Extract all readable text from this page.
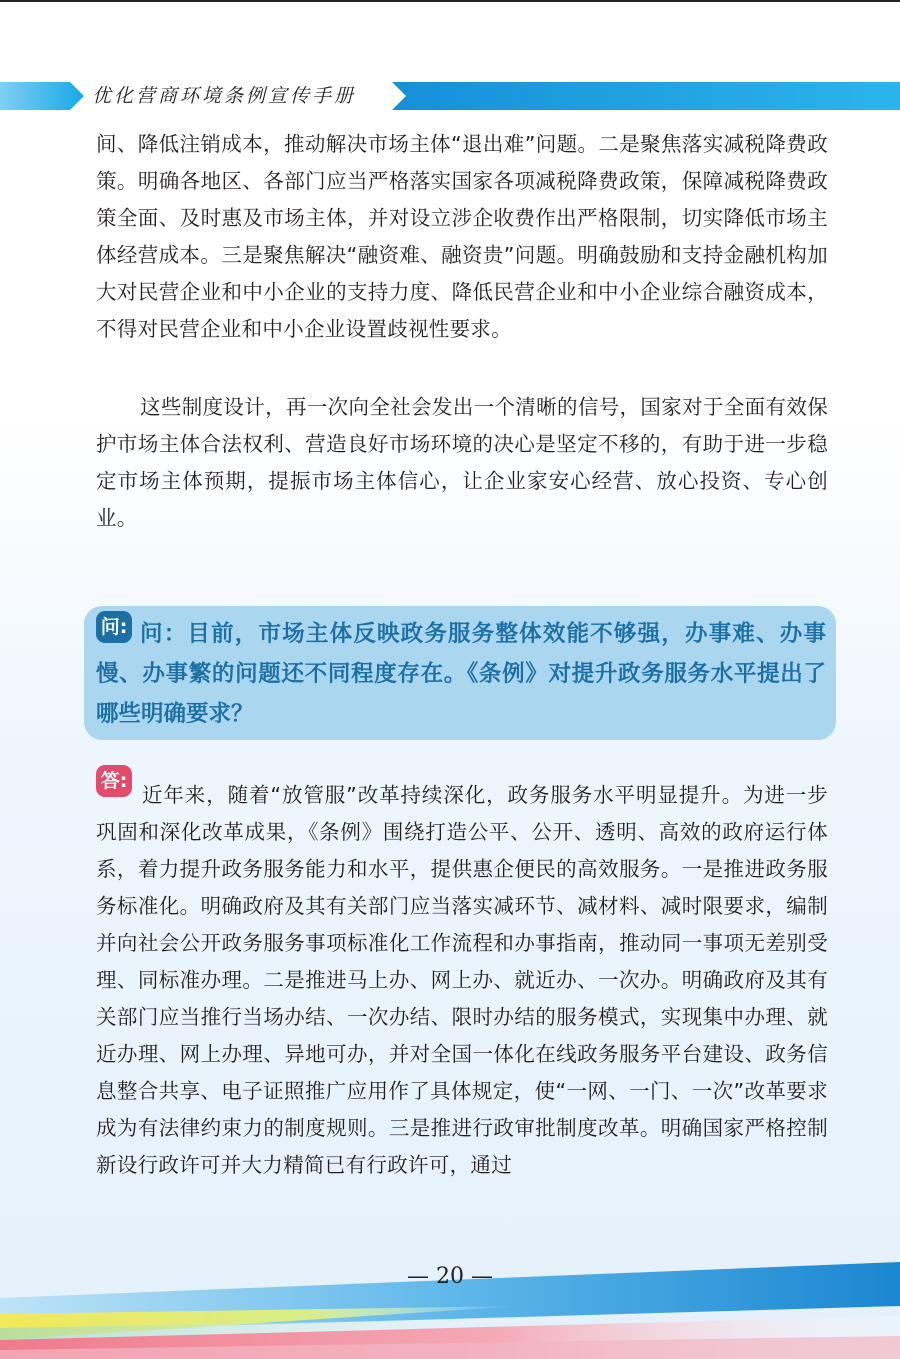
优化营商环境条例宣传手册

间、降低注销成本，推动解决市场主体“退出难”问题。二是聚焦落实减税降费政策。明确各地区、各部门应当严格落实国家各项减税降费政策，保障减税降费政策全面、及时惠及市场主体，并对设立涉企收费作出严格限制，切实降低市场主体经营成本。三是聚焦解决“融资难、融资贵”问题。明确鼓励和支持金融机构加大对民营企业和中小企业的支持力度、降低民营企业和中小企业综合融资成本，不得对民营企业和中小企业设置歧视性要求。

这些制度设计，再一次向全社会发出一个清晰的信号，国家对于全面有效保护市场主体合法权利、营造良好市场环境的决心是坚定不移的，有助于进一步稳定市场主体预期，提振市场主体信心，让企业家安心经营、放心投资、专心创业。

问：目前，市场主体反映政务服务整体效能不够强，办事难、办事慢、办事繁的问题还不同程度存在。《条例》对提升政务服务水平提出了哪些明确要求？

问:
答:

近年来，随着“放管服”改革持续深化，政务服务水平明显提升。为进一步巩固和深化改革成果，《条例》围绕打造公平、公开、透明、高效的政府运行体系，着力提升政务服务能力和水平，提供惠企便民的高效服务。一是推进政务服务标准化。明确政府及其有关部门应当落实减环节、减材料、减时限要求，编制并向社会公开政务服务事项标准化工作流程和办事指南，推动同一事项无差别受理、同标准办理。二是推进马上办、网上办、就近办、一次办。明确政府及其有关部门应当推行当场办结、一次办结、限时办结的服务模式，实现集中办理、就近办理、网上办理、异地可办，并对全国一体化在线政务服务平台建设、政务信息整合共享、电子证照推广应用作了具体规定，使“一网、一门、一次”改革要求成为有法律约束力的制度规则。三是推进行政审批制度改革。明确国家严格控制新设行政许可并大力精简已有行政许可，通过

— 20 —
